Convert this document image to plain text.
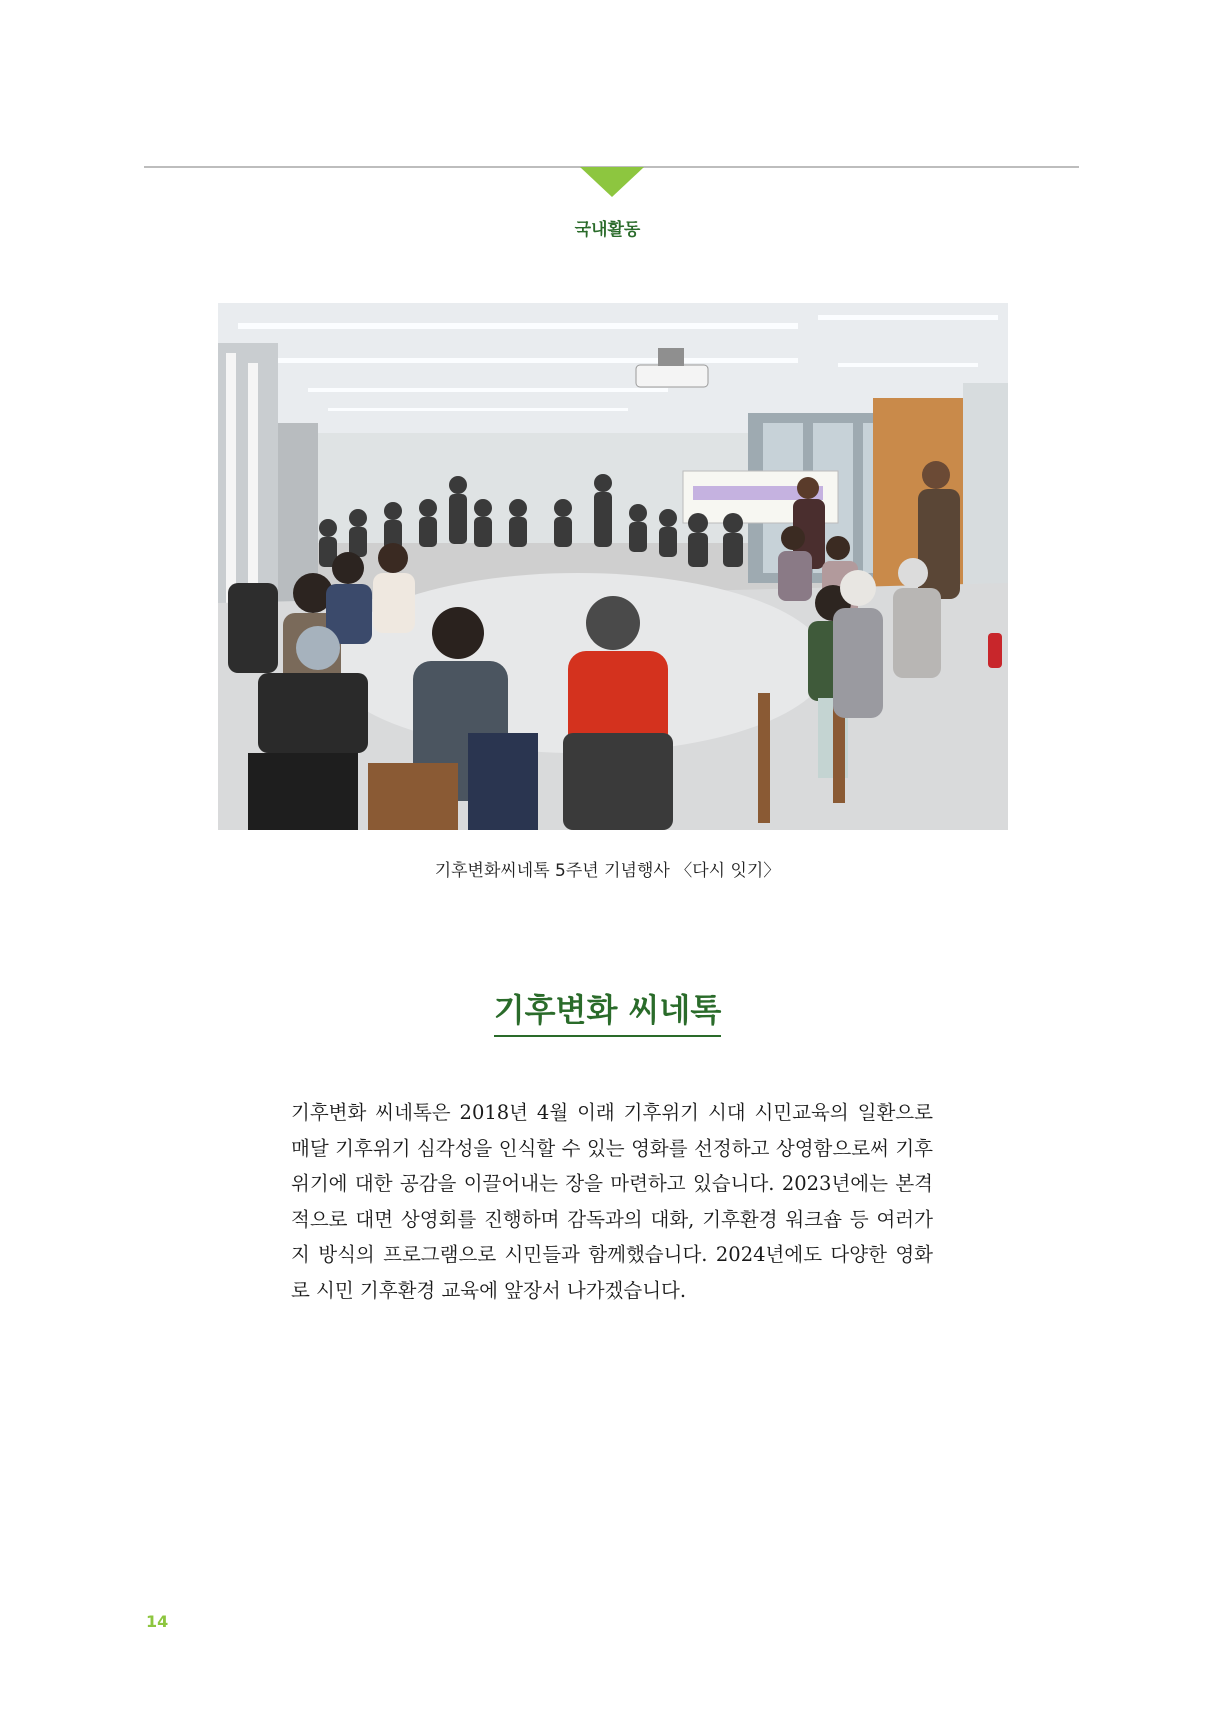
국내활동
기후변화씨네톡 5주년 기념행사 〈다시 잇기〉
기후변화 씨네톡
기후변화 씨네톡은 2018년 4월 이래 기후위기 시대 시민교육의 일환으로 매달 기후위기 심각성을 인식할 수 있는 영화를 선정하고 상영함으로써 기후위기에 대한 공감을 이끌어내는 장을 마련하고 있습니다. 2023년에는 본격적으로 대면 상영회를 진행하며 감독과의 대화, 기후환경 워크숍 등 여러가지 방식의 프로그램으로 시민들과 함께했습니다. 2024년에도 다양한 영화로 시민 기후환경 교육에 앞장서 나가겠습니다.
14
